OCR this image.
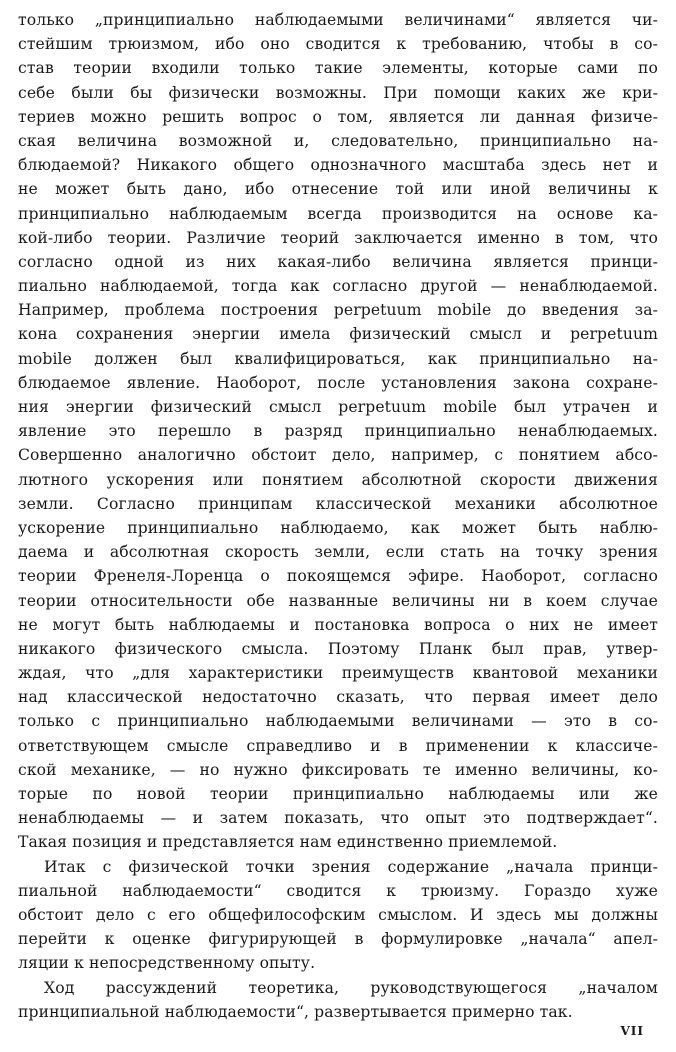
только „принципиально наблюдаемыми величинами“ является чи-
стейшим трюизмом, ибо оно сводится к требованию, чтобы в со-
став теории входили только такие элементы, которые сами по
себе были бы физически возможны. При помощи каких же кри-
териев можно решить вопрос о том, является ли данная физиче-
ская величина возможной и, следовательно, принципиально на-
блюдаемой? Никакого общего однозначного масштаба здесь нет и
не может быть дано, ибо отнесение той или иной величины к
принципиально наблюдаемым всегда производится на основе ка-
кой-либо теории. Различие теорий заключается именно в том, что
согласно одной из них какая-либо величина является принци-
пиально наблюдаемой, тогда как согласно другой — ненаблюдаемой.
Например, проблема построения perpetuum mobile до введения за-
кона сохранения энергии имела физический смысл и perpetuum
mobile должен был квалифицироваться, как принципиально на-
блюдаемое явление. Наоборот, после установления закона сохране-
ния энергии физический смысл perpetuum mobile был утрачен и
явление это перешло в разряд принципиально ненаблюдаемых.
Совершенно аналогично обстоит дело, например, с понятием абсо-
лютного ускорения или понятием абсолютной скорости движения
земли. Согласно принципам классической механики абсолютное
ускорение принципиально наблюдаемо, как может быть наблю-
даема и абсолютная скорость земли, если стать на точку зрения
теории Френеля-Лоренца о покоящемся эфире. Наоборот, согласно
теории относительности обе названные величины ни в коем случае
не могут быть наблюдаемы и постановка вопроса о них не имеет
никакого физического смысла. Поэтому Планк был прав, утвер-
ждая, что „для характеристики преимуществ квантовой механики
над классической недостаточно сказать, что первая имеет дело
только с принципиально наблюдаемыми величинами — это в со-
ответствующем смысле справедливо и в применении к классиче-
ской механике, — но нужно фиксировать те именно величины, ко-
торые по новой теории принципиально наблюдаемы или же
ненаблюдаемы — и затем показать, что опыт это подтверждает“.
Такая позиция и представляется нам единственно приемлемой.
Итак с физической точки зрения содержание „начала принци-
пиальной наблюдаемости“ сводится к трюизму. Гораздо хуже
обстоит дело с его общефилософским смыслом. И здесь мы должны
перейти к оценке фигурирующей в формулировке „начала“ апел-
ляции к непосредственному опыту.
Ход рассуждений теоретика, руководствующегося „началом
принципиальной наблюдаемости“, развертывается примерно так.
VII
